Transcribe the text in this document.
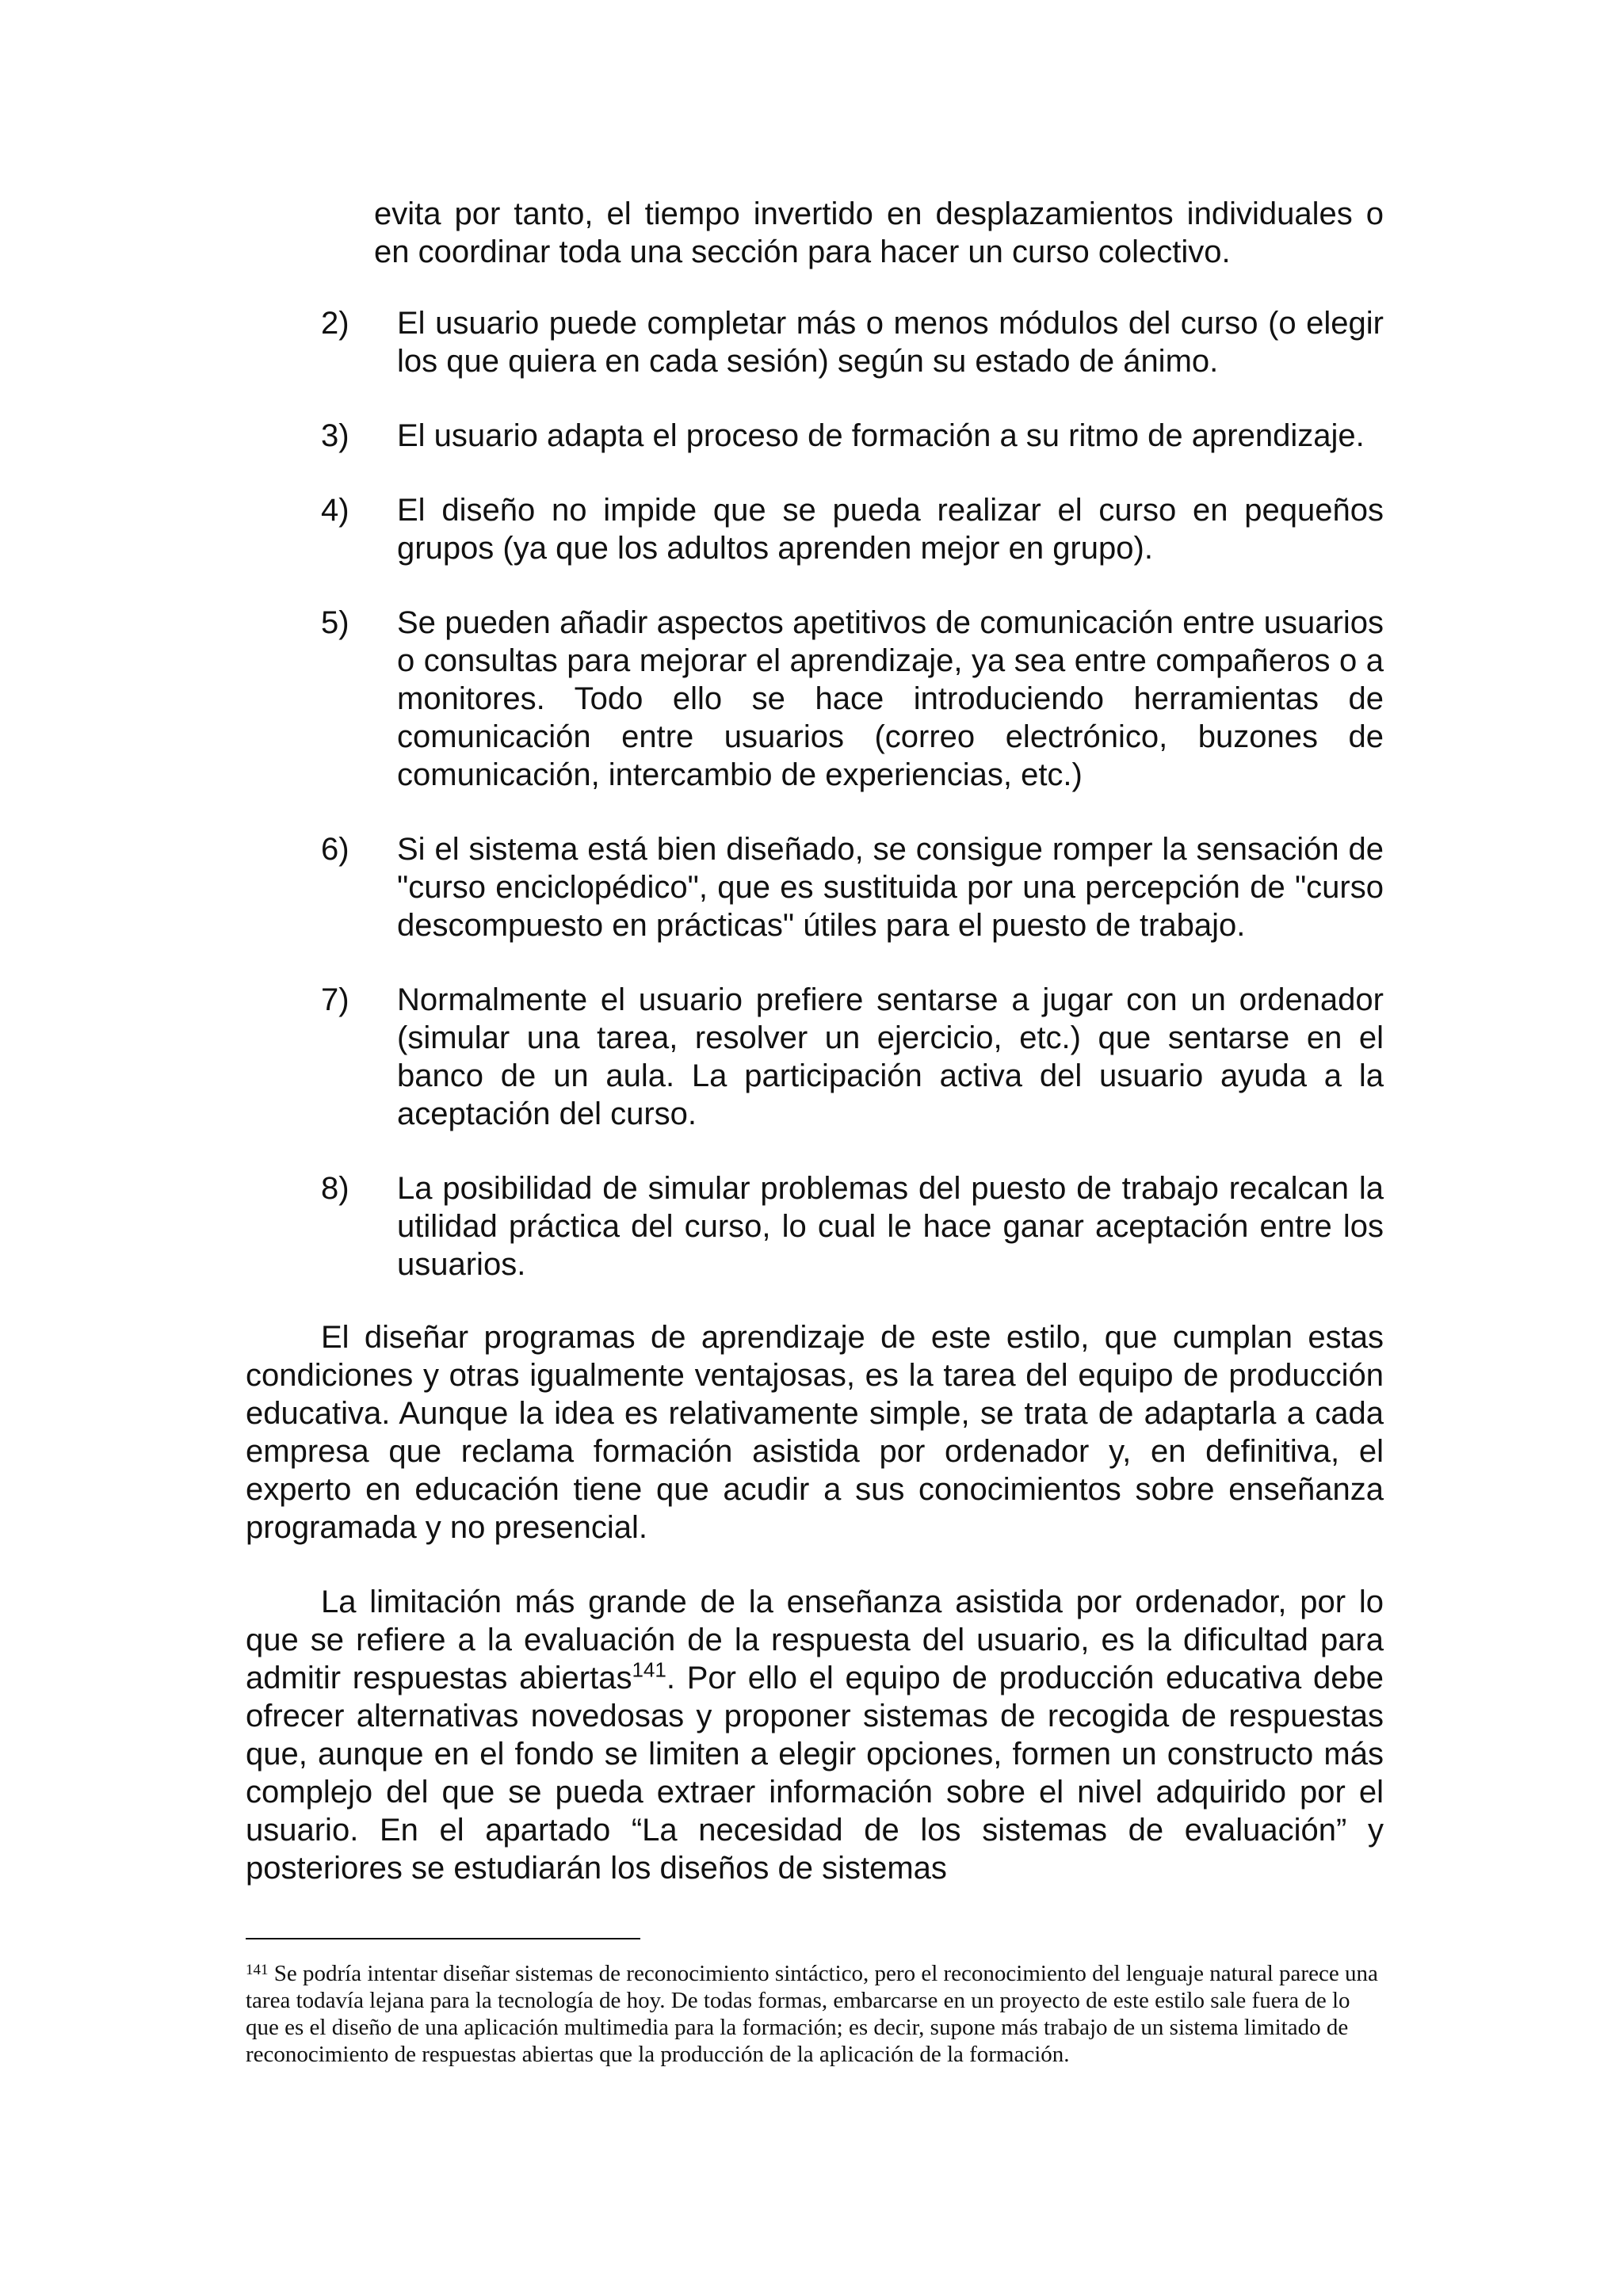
evita por tanto, el tiempo invertido en desplazamientos individuales o en coordinar toda una sección para hacer un curso colectivo.
2)	El usuario puede completar más o menos módulos del curso (o elegir los que quiera en cada sesión) según su estado de ánimo.
3)	El usuario adapta el proceso de formación a su ritmo de aprendizaje.
4)	El diseño no impide que se pueda realizar el curso en pequeños grupos (ya que los adultos aprenden mejor en grupo).
5)	Se pueden añadir aspectos apetitivos de comunicación entre usuarios o consultas para mejorar el aprendizaje, ya sea entre compañeros o a monitores. Todo ello se hace introduciendo herramientas de comunicación entre usuarios (correo electrónico, buzones de comunicación, intercambio de experiencias, etc.)
6)	Si el sistema está bien diseñado, se consigue romper la sensación de "curso enciclopédico", que es sustituida por una percepción de "curso descompuesto en prácticas" útiles para el puesto de trabajo.
7)	Normalmente el usuario prefiere sentarse a jugar con un ordenador (simular una tarea, resolver un ejercicio, etc.) que sentarse en el banco de un aula. La participación activa del usuario ayuda a la aceptación del curso.
8)	La posibilidad de simular problemas del puesto de trabajo recalcan la utilidad práctica del curso, lo cual le hace ganar aceptación entre los usuarios.

El diseñar programas de aprendizaje de este estilo, que cumplan estas condiciones y otras igualmente ventajosas, es la tarea del equipo de producción educativa. Aunque la idea es relativamente simple, se trata de adaptarla a cada empresa que reclama formación asistida por ordenador y, en definitiva, el experto en educación tiene que acudir a sus conocimientos sobre enseñanza programada y no presencial.

La limitación más grande de la enseñanza asistida por ordenador, por lo que se refiere a la evaluación de la respuesta del usuario, es la dificultad para admitir respuestas abiertas$^{141}$. Por ello el equipo de producción educativa debe ofrecer alternativas novedosas y proponer sistemas de recogida de respuestas que, aunque en el fondo se limiten a elegir opciones, formen un constructo más complejo del que se pueda extraer información sobre el nivel adquirido por el usuario. En el apartado “La necesidad de los sistemas de evaluación” y posteriores se estudiarán los diseños de sistemas

$^{141}$ Se podría intentar diseñar sistemas de reconocimiento sintáctico, pero el reconocimiento del lenguaje natural parece una tarea todavía lejana para la tecnología de hoy. De todas formas, embarcarse en un proyecto de este estilo sale fuera de lo que es el diseño de una aplicación multimedia para la formación; es decir, supone más trabajo de un sistema limitado de reconocimiento de respuestas abiertas que la producción de la aplicación de la formación.
